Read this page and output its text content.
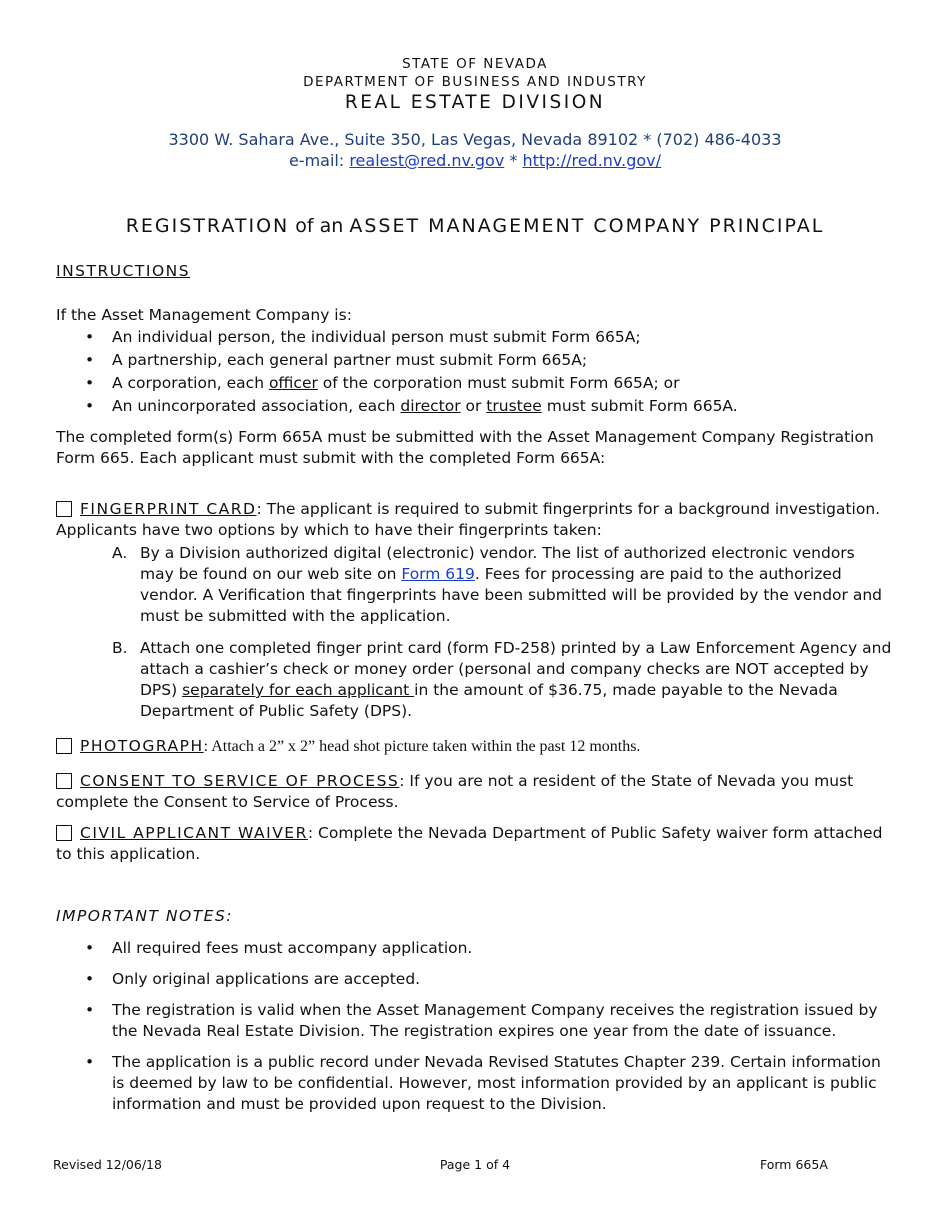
STATE OF NEVADA
DEPARTMENT OF BUSINESS AND INDUSTRY
REAL ESTATE DIVISION
3300 W. Sahara Ave., Suite 350, Las Vegas, Nevada 89102 * (702) 486-4033
e-mail: realest@red.nv.gov * http://red.nv.gov/
REGISTRATION of an ASSET MANAGEMENT COMPANY PRINCIPAL
INSTRUCTIONS
If the Asset Management Company is:
• An individual person, the individual person must submit Form 665A;
• A partnership, each general partner must submit Form 665A;
• A corporation, each officer of the corporation must submit Form 665A; or
• An unincorporated association, each director or trustee must submit Form 665A.
The completed form(s) Form 665A must be submitted with the Asset Management Company Registration Form 665. Each applicant must submit with the completed Form 665A:
FINGERPRINT CARD: The applicant is required to submit fingerprints for a background investigation. Applicants have two options by which to have their fingerprints taken:
A. By a Division authorized digital (electronic) vendor. The list of authorized electronic vendors may be found on our web site on Form 619. Fees for processing are paid to the authorized vendor. A Verification that fingerprints have been submitted will be provided by the vendor and must be submitted with the application.
B. Attach one completed finger print card (form FD-258) printed by a Law Enforcement Agency and attach a cashier’s check or money order (personal and company checks are NOT accepted by DPS) separately for each applicant in the amount of $36.75, made payable to the Nevada Department of Public Safety (DPS).
PHOTOGRAPH: Attach a 2” x 2” head shot picture taken within the past 12 months.
CONSENT TO SERVICE OF PROCESS: If you are not a resident of the State of Nevada you must complete the Consent to Service of Process.
CIVIL APPLICANT WAIVER: Complete the Nevada Department of Public Safety waiver form attached to this application.
IMPORTANT NOTES:
• All required fees must accompany application.
• Only original applications are accepted.
• The registration is valid when the Asset Management Company receives the registration issued by the Nevada Real Estate Division. The registration expires one year from the date of issuance.
• The application is a public record under Nevada Revised Statutes Chapter 239. Certain information is deemed by law to be confidential. However, most information provided by an applicant is public information and must be provided upon request to the Division.
Revised 12/06/18	Page 1 of 4	Form 665A
